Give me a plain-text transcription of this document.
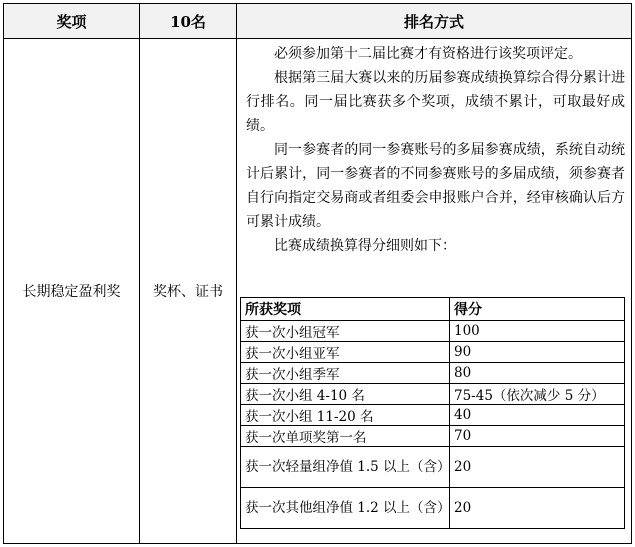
奖项	10名	排名方式
长期稳定盈利奖	奖杯、证书

必须参加第十二届比赛才有资格进行该奖项评定。

根据第三届大赛以来的历届参赛成绩换算综合得分累计进行排名。同一届比赛获多个奖项，成绩不累计，可取最好成绩。

同一参赛者的同一参赛账号的多届参赛成绩，系统自动统计后累计，同一参赛者的不同参赛账号的多届成绩，须参赛者自行向指定交易商或者组委会申报账户合并，经审核确认后方可累计成绩。

比赛成绩换算得分细则如下：

所获奖项	得分
获一次小组冠军	100
获一次小组亚军	90
获一次小组季军	80
获一次小组 4-10 名	75-45（依次减少 5 分）
获一次小组 11-20 名	40
获一次单项奖第一名	70
获一次轻量组净值 1.5 以上（含）	20
获一次其他组净值 1.2 以上（含）	20
